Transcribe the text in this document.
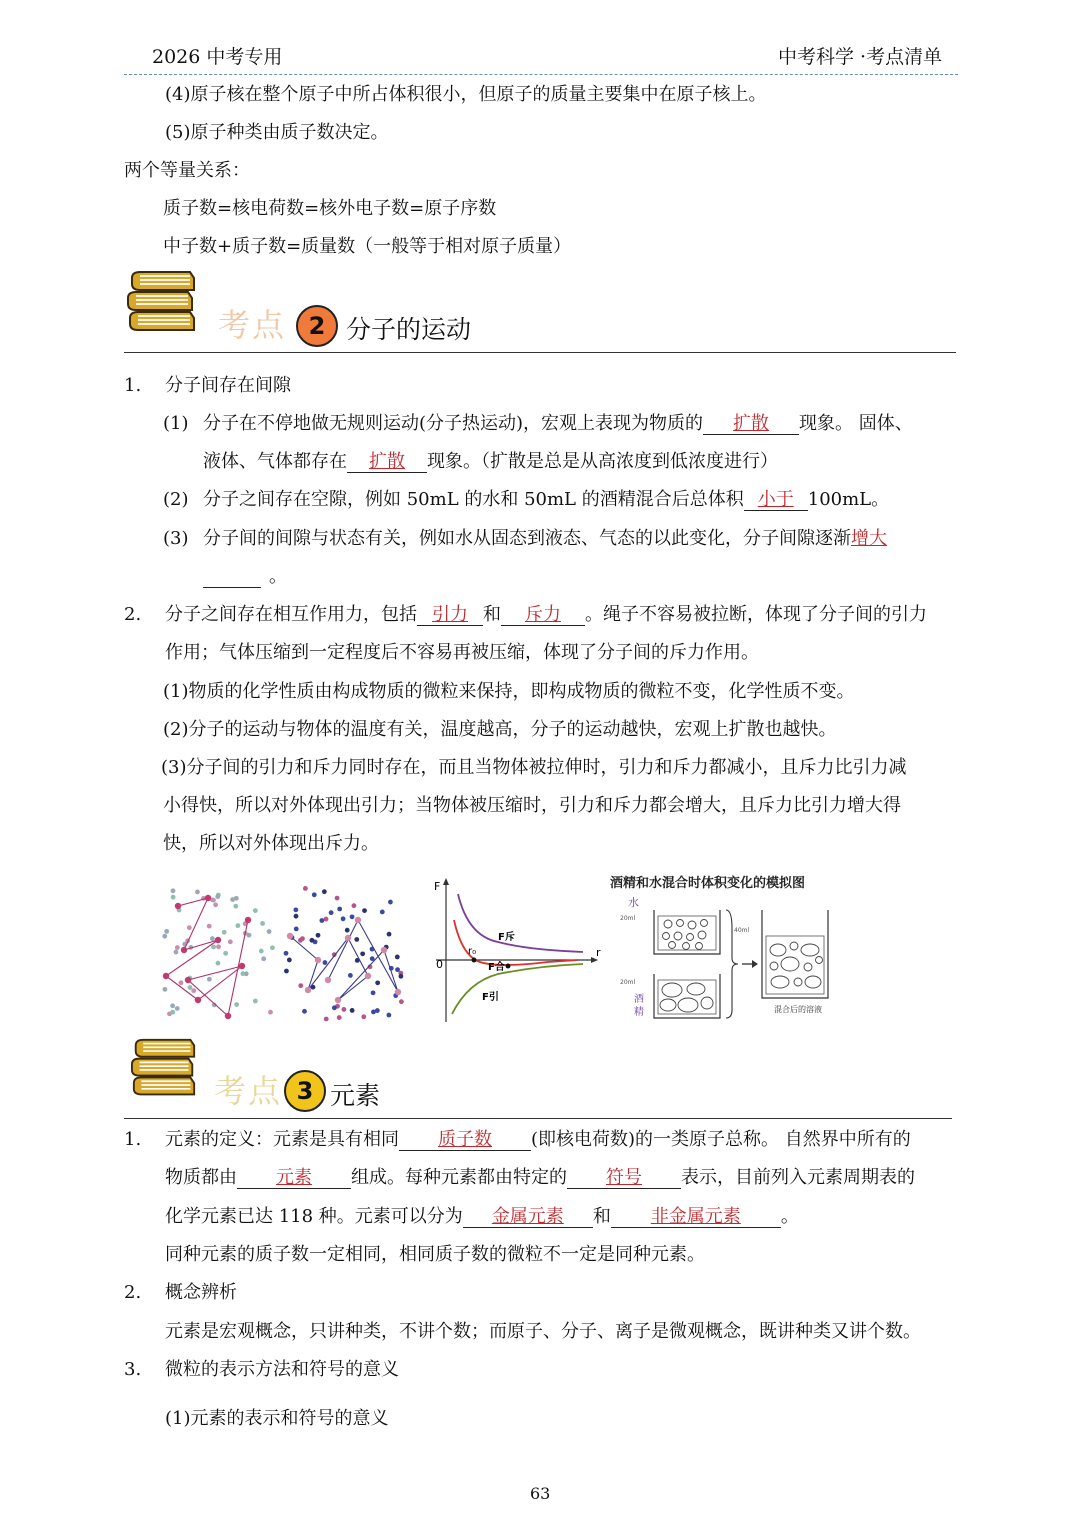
2026 中考专用	中考科学 ·考点清单
(4)原子核在整个原子中所占体积很小，但原子的质量主要集中在原子核上。
(5)原子种类由质子数决定。
两个等量关系：
质子数=核电荷数=核外电子数=原子序数
中子数+质子数=质量数（一般等于相对原子质量）
考点 2 分子的运动
1. 分子间存在间隙
(1) 分子在不停地做无规则运动(分子热运动)，宏观上表现为物质的 扩散 现象。 固体、
液体、气体都存在 扩散 现象。（扩散是总是从高浓度到低浓度进行）
(2) 分子之间存在空隙，例如 50mL 的水和 50mL 的酒精混合后总体积 小于 100mL。
(3) 分子间的间隙与状态有关，例如水从固态到液态、气态的以此变化，分子间隙逐渐增大
。
2. 分子之间存在相互作用力，包括 引力 和 斥力 。绳子不容易被拉断，体现了分子间的引力
作用；气体压缩到一定程度后不容易再被压缩，体现了分子间的斥力作用。
(1)物质的化学性质由构成物质的微粒来保持，即构成物质的微粒不变，化学性质不变。
(2)分子的运动与物体的温度有关，温度越高，分子的运动越快，宏观上扩散也越快。
(3)分子间的引力和斥力同时存在，而且当物体被拉伸时，引力和斥力都减小，且斥力比引力减
小得快，所以对外体现出引力；当物体被压缩时，引力和斥力都会增大，且斥力比引力增大得
快，所以对外体现出斥力。
F
r
0
r₀
F斥
F合
F引
酒精和水混合时体积变化的模拟图
水
20ml
20ml
40ml
酒
精	混合后的溶液
考点 3 元素
1. 元素的定义：元素是具有相同 质子数 (即核电荷数)的一类原子总称。 自然界中所有的
物质都由 元素 组成。每种元素都由特定的 符号 表示，目前列入元素周期表的
化学元素已达 118 种。元素可以分为 金属元素 和 非金属元素 。
同种元素的质子数一定相同，相同质子数的微粒不一定是同种元素。
2. 概念辨析
元素是宏观概念，只讲种类，不讲个数；而原子、分子、离子是微观概念，既讲种类又讲个数。
3. 微粒的表示方法和符号的意义
(1)元素的表示和符号的意义
63
